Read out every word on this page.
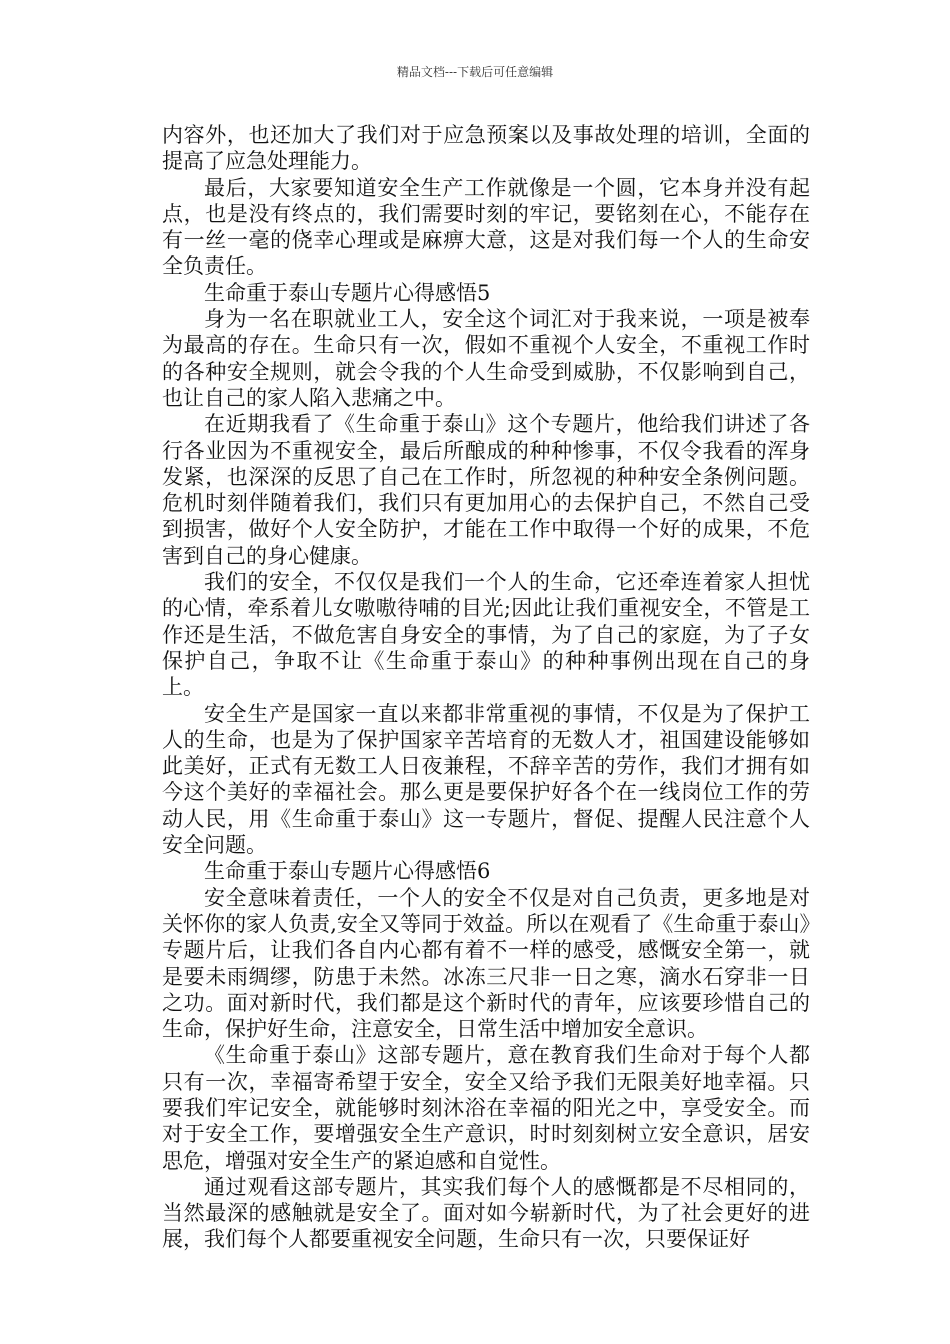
精品文档---下载后可任意编辑

内容外，也还加大了我们对于应急预案以及事故处理的培训，全面的提高了应急处理能力。

最后，大家要知道安全生产工作就像是一个圆，它本身并没有起点，也是没有终点的，我们需要时刻的牢记，要铭刻在心，不能存在有一丝一毫的侥幸心理或是麻痹大意，这是对我们每一个人的生命安全负责任。

生命重于泰山专题片心得感悟5

身为一名在职就业工人，安全这个词汇对于我来说，一项是被奉为最高的存在。生命只有一次，假如不重视个人安全，不重视工作时的各种安全规则，就会令我的个人生命受到威胁，不仅影响到自己，也让自己的家人陷入悲痛之中。

在近期我看了《生命重于泰山》这个专题片，他给我们讲述了各行各业因为不重视安全，最后所酿成的种种惨事，不仅令我看的浑身发紧，也深深的反思了自己在工作时，所忽视的种种安全条例问题。危机时刻伴随着我们，我们只有更加用心的去保护自己，不然自己受到损害，做好个人安全防护，才能在工作中取得一个好的成果，不危害到自己的身心健康。

我们的安全，不仅仅是我们一个人的生命，它还牵连着家人担忧的心情，牵系着儿女嗷嗷待哺的目光;因此让我们重视安全，不管是工作还是生活，不做危害自身安全的事情，为了自己的家庭，为了子女保护自己，争取不让《生命重于泰山》的种种事例出现在自己的身上。

安全生产是国家一直以来都非常重视的事情，不仅是为了保护工人的生命，也是为了保护国家辛苦培育的无数人才，祖国建设能够如此美好，正式有无数工人日夜兼程，不辞辛苦的劳作，我们才拥有如今这个美好的幸福社会。那么更是要保护好各个在一线岗位工作的劳动人民，用《生命重于泰山》这一专题片，督促、提醒人民注意个人安全问题。

生命重于泰山专题片心得感悟6

安全意味着责任，一个人的安全不仅是对自己负责，更多地是对关怀你的家人负责,安全又等同于效益。所以在观看了《生命重于泰山》专题片后，让我们各自内心都有着不一样的感受，感慨安全第一，就是要未雨绸缪，防患于未然。冰冻三尺非一日之寒，滴水石穿非一日之功。面对新时代，我们都是这个新时代的青年，应该要珍惜自己的生命，保护好生命，注意安全，日常生活中增加安全意识。

《生命重于泰山》这部专题片，意在教育我们生命对于每个人都只有一次，幸福寄希望于安全，安全又给予我们无限美好地幸福。只要我们牢记安全，就能够时刻沐浴在幸福的阳光之中，享受安全。而对于安全工作，要增强安全生产意识，时时刻刻树立安全意识，居安思危，增强对安全生产的紧迫感和自觉性。

通过观看这部专题片，其实我们每个人的感慨都是不尽相同的，当然最深的感触就是安全了。面对如今崭新时代，为了社会更好的进展，我们每个人都要重视安全问题，生命只有一次，只要保证好
